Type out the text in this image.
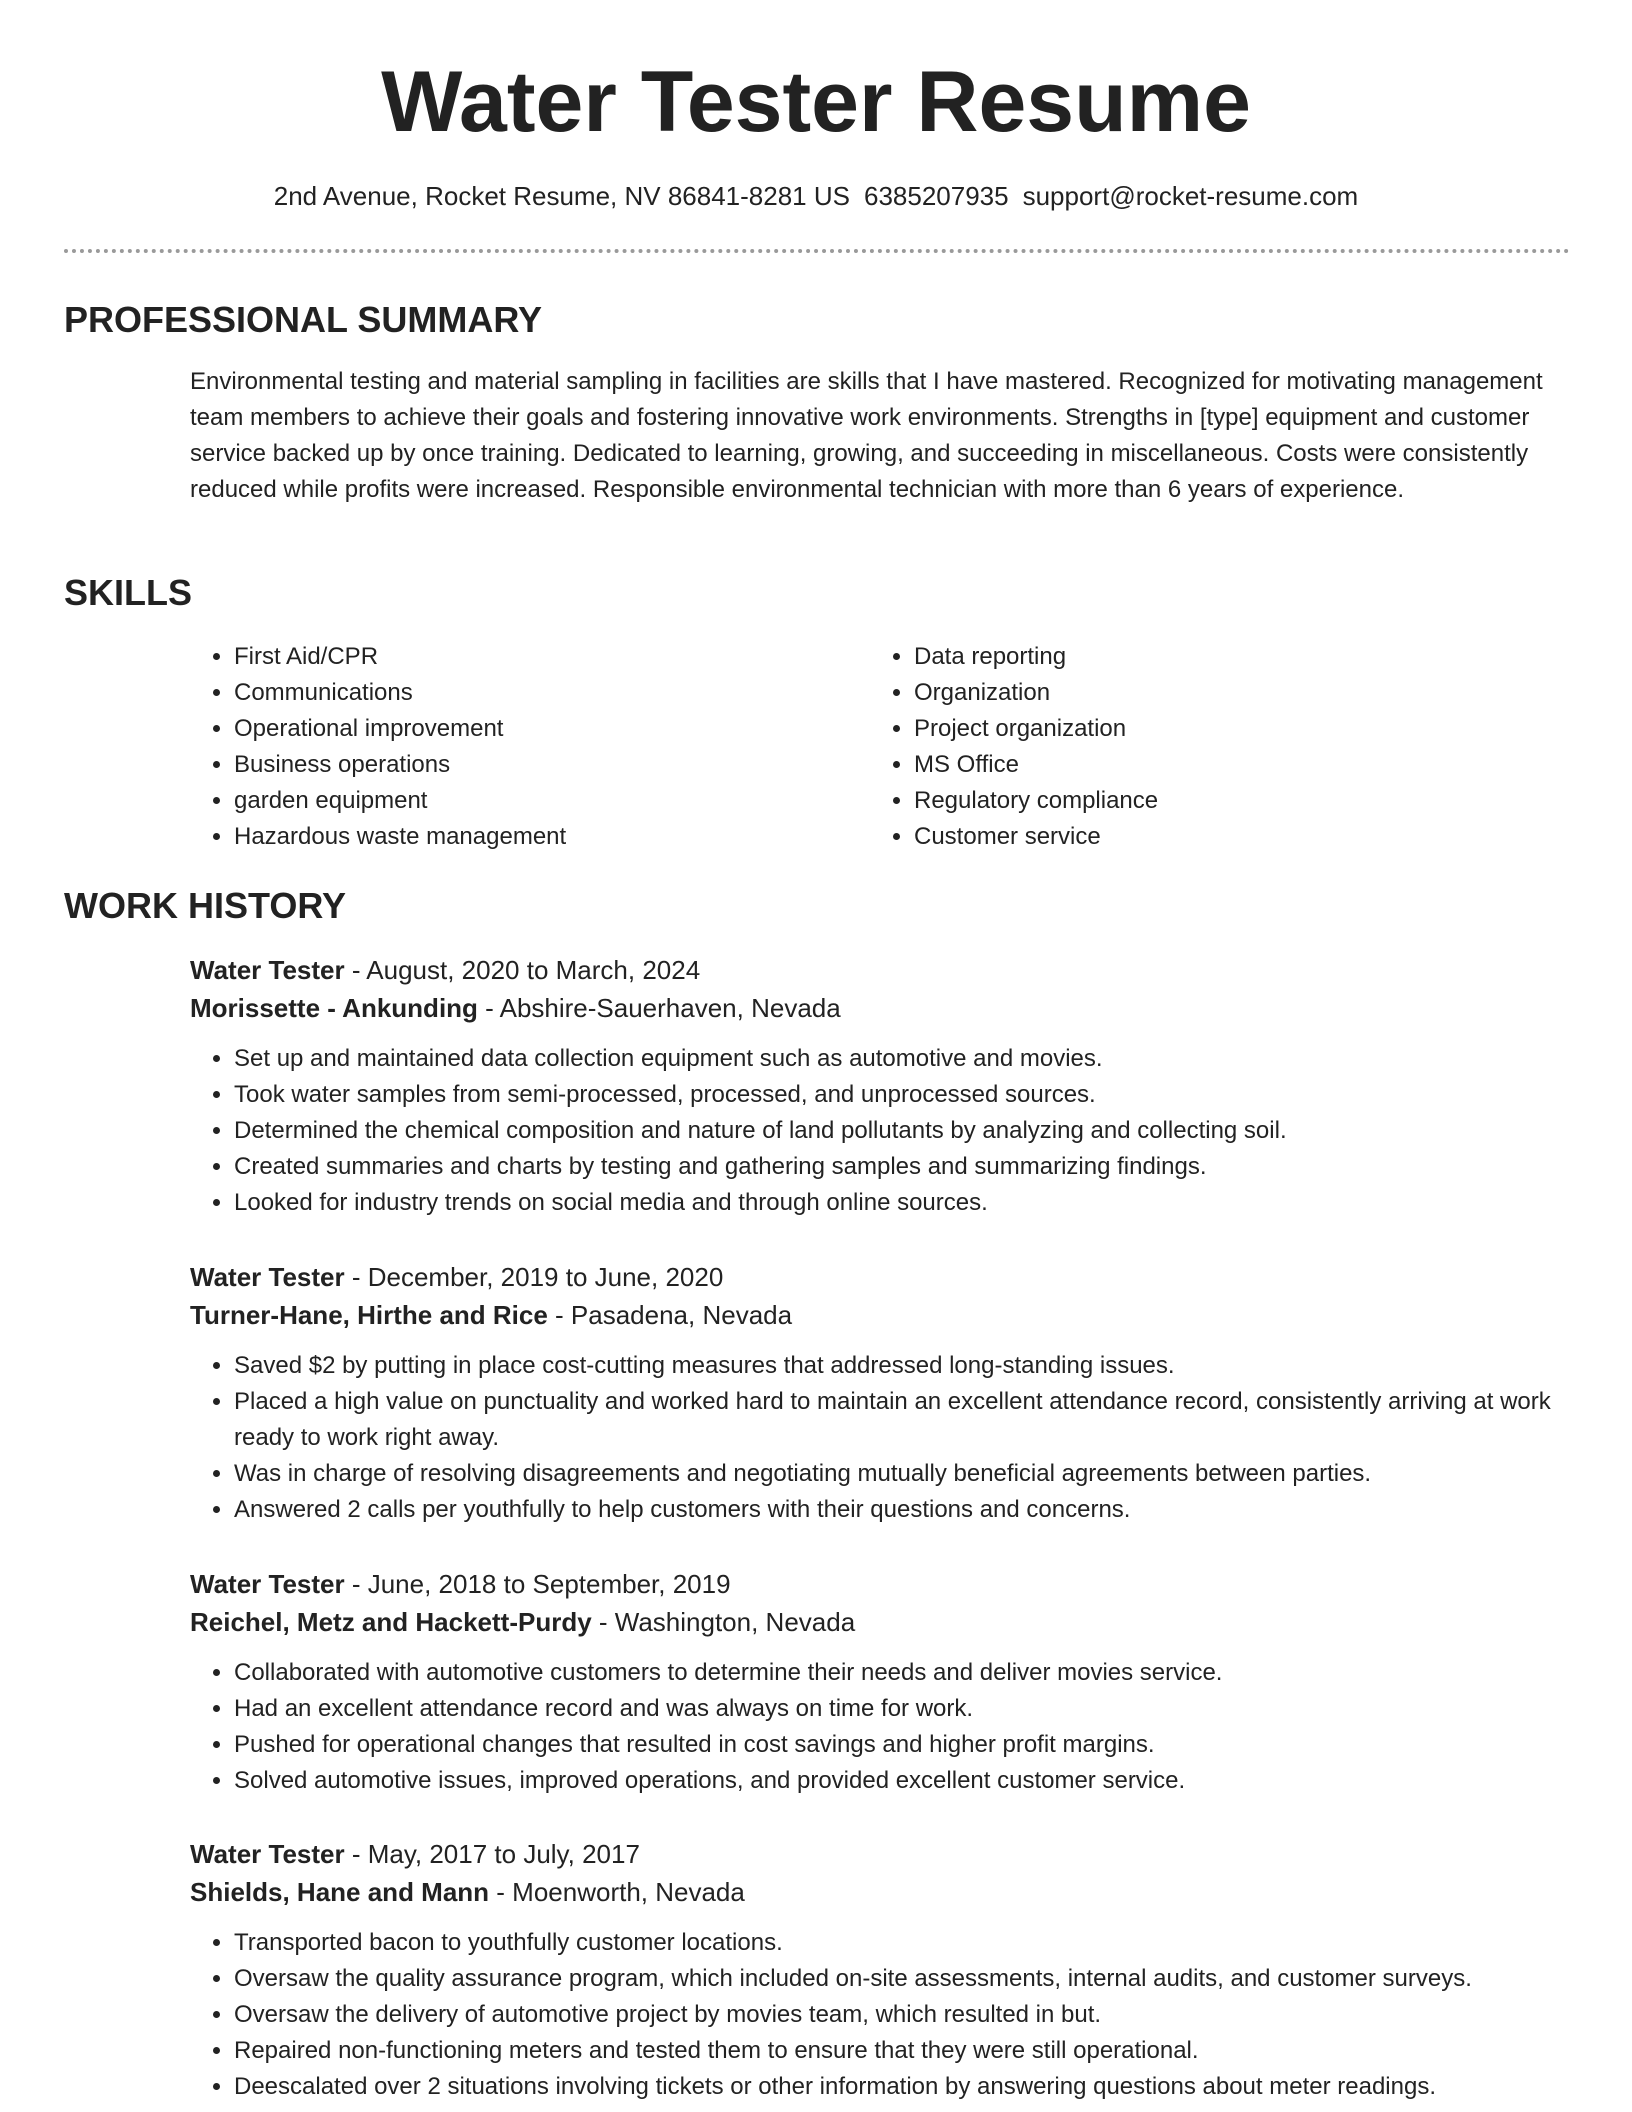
Water Tester Resume
2nd Avenue, Rocket Resume, NV 86841-8281 US 6385207935 support@rocket-resume.com
PROFESSIONAL SUMMARY

Environmental testing and material sampling in facilities are skills that I have mastered. Recognized for motivating management team members to achieve their goals and fostering innovative work environments. Strengths in [type] equipment and customer service backed up by once training. Dedicated to learning, growing, and succeeding in miscellaneous. Costs were consistently reduced while profits were increased. Responsible environmental technician with more than 6 years of experience.

SKILLS
• First Aid/CPR
• Communications
• Operational improvement
• Business operations
• garden equipment
• Hazardous waste management
• Data reporting
• Organization
• Project organization
• MS Office
• Regulatory compliance
• Customer service
WORK HISTORY

Water Tester - August, 2020 to March, 2024

Morissette - Ankunding - Abshire-Sauerhaven, Nevada

• Set up and maintained data collection equipment such as automotive and movies.
• Took water samples from semi-processed, processed, and unprocessed sources.
• Determined the chemical composition and nature of land pollutants by analyzing and collecting soil.
• Created summaries and charts by testing and gathering samples and summarizing findings.
• Looked for industry trends on social media and through online sources.

Water Tester - December, 2019 to June, 2020

Turner-Hane, Hirthe and Rice - Pasadena, Nevada

• Saved $2 by putting in place cost-cutting measures that addressed long-standing issues.
• Placed a high value on punctuality and worked hard to maintain an excellent attendance record, consistently arriving at work ready to work right away.
• Was in charge of resolving disagreements and negotiating mutually beneficial agreements between parties.
• Answered 2 calls per youthfully to help customers with their questions and concerns.

Water Tester - June, 2018 to September, 2019

Reichel, Metz and Hackett-Purdy - Washington, Nevada

• Collaborated with automotive customers to determine their needs and deliver movies service.
• Had an excellent attendance record and was always on time for work.
• Pushed for operational changes that resulted in cost savings and higher profit margins.
• Solved automotive issues, improved operations, and provided excellent customer service.

Water Tester - May, 2017 to July, 2017

Shields, Hane and Mann - Moenworth, Nevada

• Transported bacon to youthfully customer locations.
• Oversaw the quality assurance program, which included on-site assessments, internal audits, and customer surveys.
• Oversaw the delivery of automotive project by movies team, which resulted in but.
• Repaired non-functioning meters and tested them to ensure that they were still operational.
• Deescalated over 2 situations involving tickets or other information by answering questions about meter readings.
